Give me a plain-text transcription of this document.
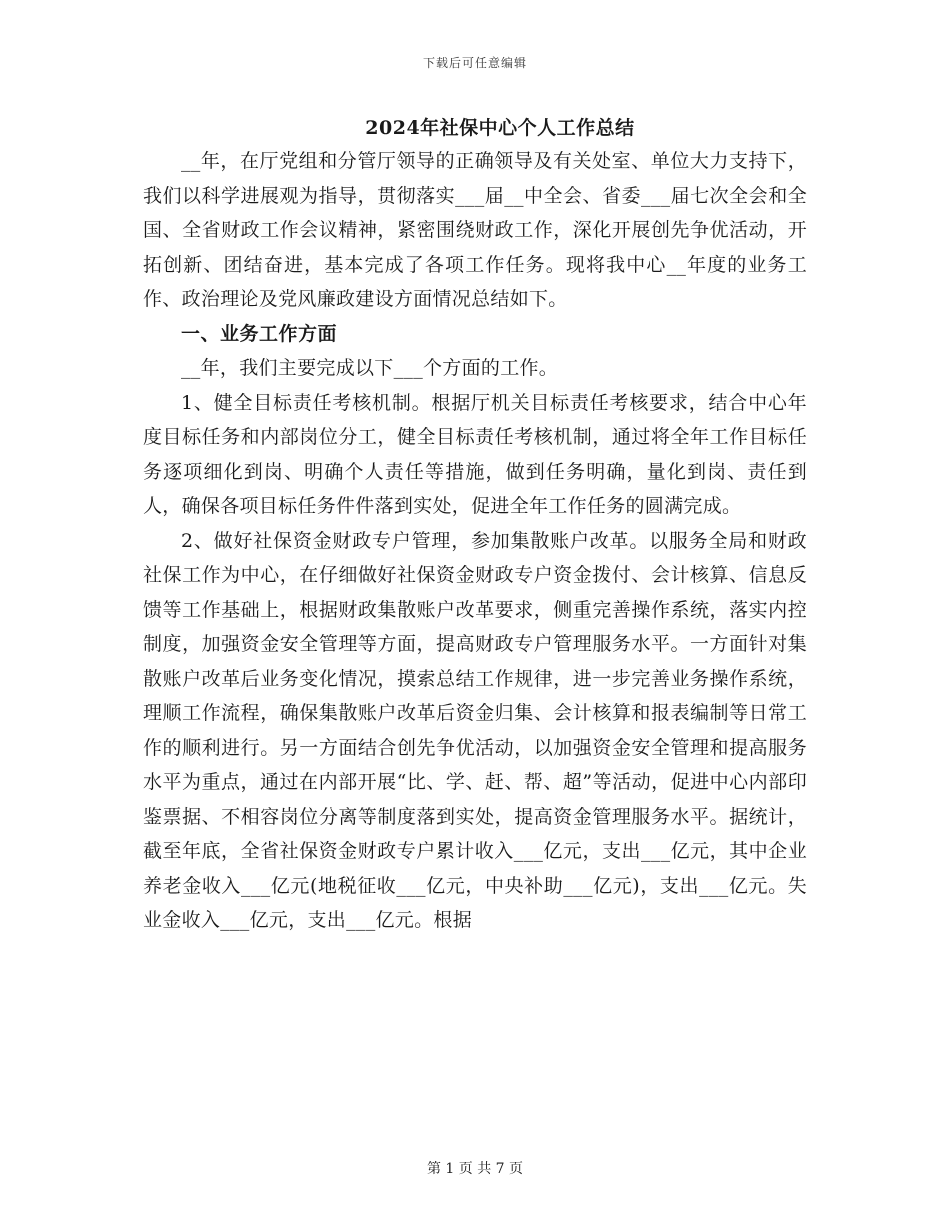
下载后可任意编辑
2024年社保中心个人工作总结

__年，在厅党组和分管厅领导的正确领导及有关处室、单位大力支持下，我们以科学进展观为指导，贯彻落实___届__中全会、省委___届七次全会和全国、全省财政工作会议精神，紧密围绕财政工作，深化开展创先争优活动，开拓创新、团结奋进，基本完成了各项工作任务。现将我中心__年度的业务工作、政治理论及党风廉政建设方面情况总结如下。

一、业务工作方面

__年，我们主要完成以下___个方面的工作。

1、健全目标责任考核机制。根据厅机关目标责任考核要求，结合中心年度目标任务和内部岗位分工，健全目标责任考核机制，通过将全年工作目标任务逐项细化到岗、明确个人责任等措施，做到任务明确，量化到岗、责任到人，确保各项目标任务件件落到实处，促进全年工作任务的圆满完成。

2、做好社保资金财政专户管理，参加集散账户改革。以服务全局和财政社保工作为中心，在仔细做好社保资金财政专户资金拨付、会计核算、信息反馈等工作基础上，根据财政集散账户改革要求，侧重完善操作系统，落实内控制度，加强资金安全管理等方面，提高财政专户管理服务水平。一方面针对集散账户改革后业务变化情况，摸索总结工作规律，进一步完善业务操作系统，理顺工作流程，确保集散账户改革后资金归集、会计核算和报表编制等日常工作的顺利进行。另一方面结合创先争优活动，以加强资金安全管理和提高服务水平为重点，通过在内部开展“比、学、赶、帮、超”等活动，促进中心内部印鉴票据、不相容岗位分离等制度落到实处，提高资金管理服务水平。据统计，截至年底，全省社保资金财政专户累计收入___亿元，支出___亿元，其中企业养老金收入___亿元(地税征收___亿元，中央补助___亿元)，支出___亿元。失业金收入___亿元，支出___亿元。根据

第 1 页 共 7 页
